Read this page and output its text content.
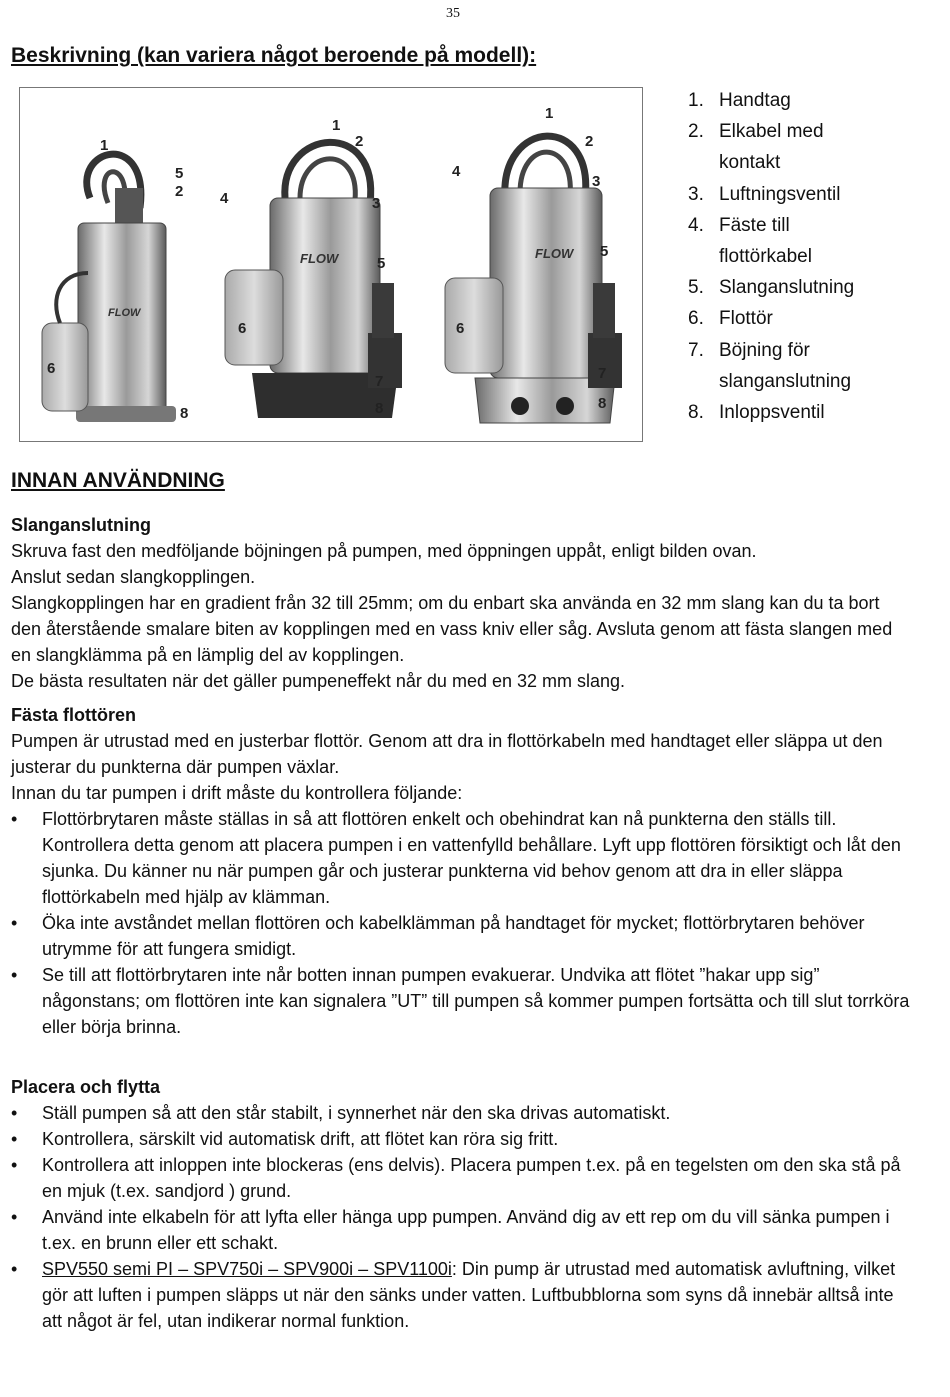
35
Beskrivning (kan variera något beroende på modell):
FLOW
FLOW	FLOW
1
5
2
6
8
1
2
4	3
5
6
7
8
1
2
4
3
5
6
7
8
1. Handtag
2. Elkabel med kontakt
3. Luftningsventil
4. Fäste till flottörkabel
5. Slanganslutning
6. Flottör
7. Böjning för slanganslutning
8. Inloppsventil
INNAN ANVÄNDNING
Slanganslutning

Skruva fast den medföljande böjningen på pumpen, med öppningen uppåt, enligt bilden ovan.

Anslut sedan slangkopplingen.

Slangkopplingen har en gradient från 32 till 25mm; om du enbart ska använda en 32 mm slang kan du ta bort den återstående smalare biten av kopplingen med en vass kniv eller såg. Avsluta genom att fästa slangen med en slangklämma på en lämplig del av kopplingen.

De bästa resultaten när det gäller pumpeneffekt når du med en 32 mm slang.

Fästa flottören

Pumpen är utrustad med en justerbar flottör. Genom att dra in flottörkabeln med handtaget eller släppa ut den justerar du punkterna där pumpen växlar.

Innan du tar pumpen i drift måste du kontrollera följande:

• Flottörbrytaren måste ställas in så att flottören enkelt och obehindrat kan nå punkterna den ställs till. Kontrollera detta genom att placera pumpen i en vattenfylld behållare. Lyft upp flottören försiktigt och låt den sjunka. Du känner nu när pumpen går och justerar punkterna vid behov genom att dra in eller släppa flottörkabeln med hjälp av klämman.
• Öka inte avståndet mellan flottören och kabelklämman på handtaget för mycket; flottörbrytaren behöver utrymme för att fungera smidigt.
• Se till att flottörbrytaren inte når botten innan pumpen evakuerar. Undvika att flötet ”hakar upp sig” någonstans; om flottören inte kan signalera ”UT” till pumpen så kommer pumpen fortsätta och till slut torrköra eller börja brinna.
Placera och flytta
• Ställ pumpen så att den står stabilt, i synnerhet när den ska drivas automatiskt.
• Kontrollera, särskilt vid automatisk drift, att flötet kan röra sig fritt.
• Kontrollera att inloppen inte blockeras (ens delvis). Placera pumpen t.ex. på en tegelsten om den ska stå på en mjuk (t.ex. sandjord ) grund.
• Använd inte elkabeln för att lyfta eller hänga upp pumpen. Använd dig av ett rep om du vill sänka pumpen i t.ex. en brunn eller ett schakt.
• SPV550 semi PI – SPV750i – SPV900i – SPV1100i: Din pump är utrustad med automatisk avluftning, vilket gör att luften i pumpen släpps ut när den sänks under vatten. Luftbubblorna som syns då innebär alltså inte att något är fel, utan indikerar normal funktion.
